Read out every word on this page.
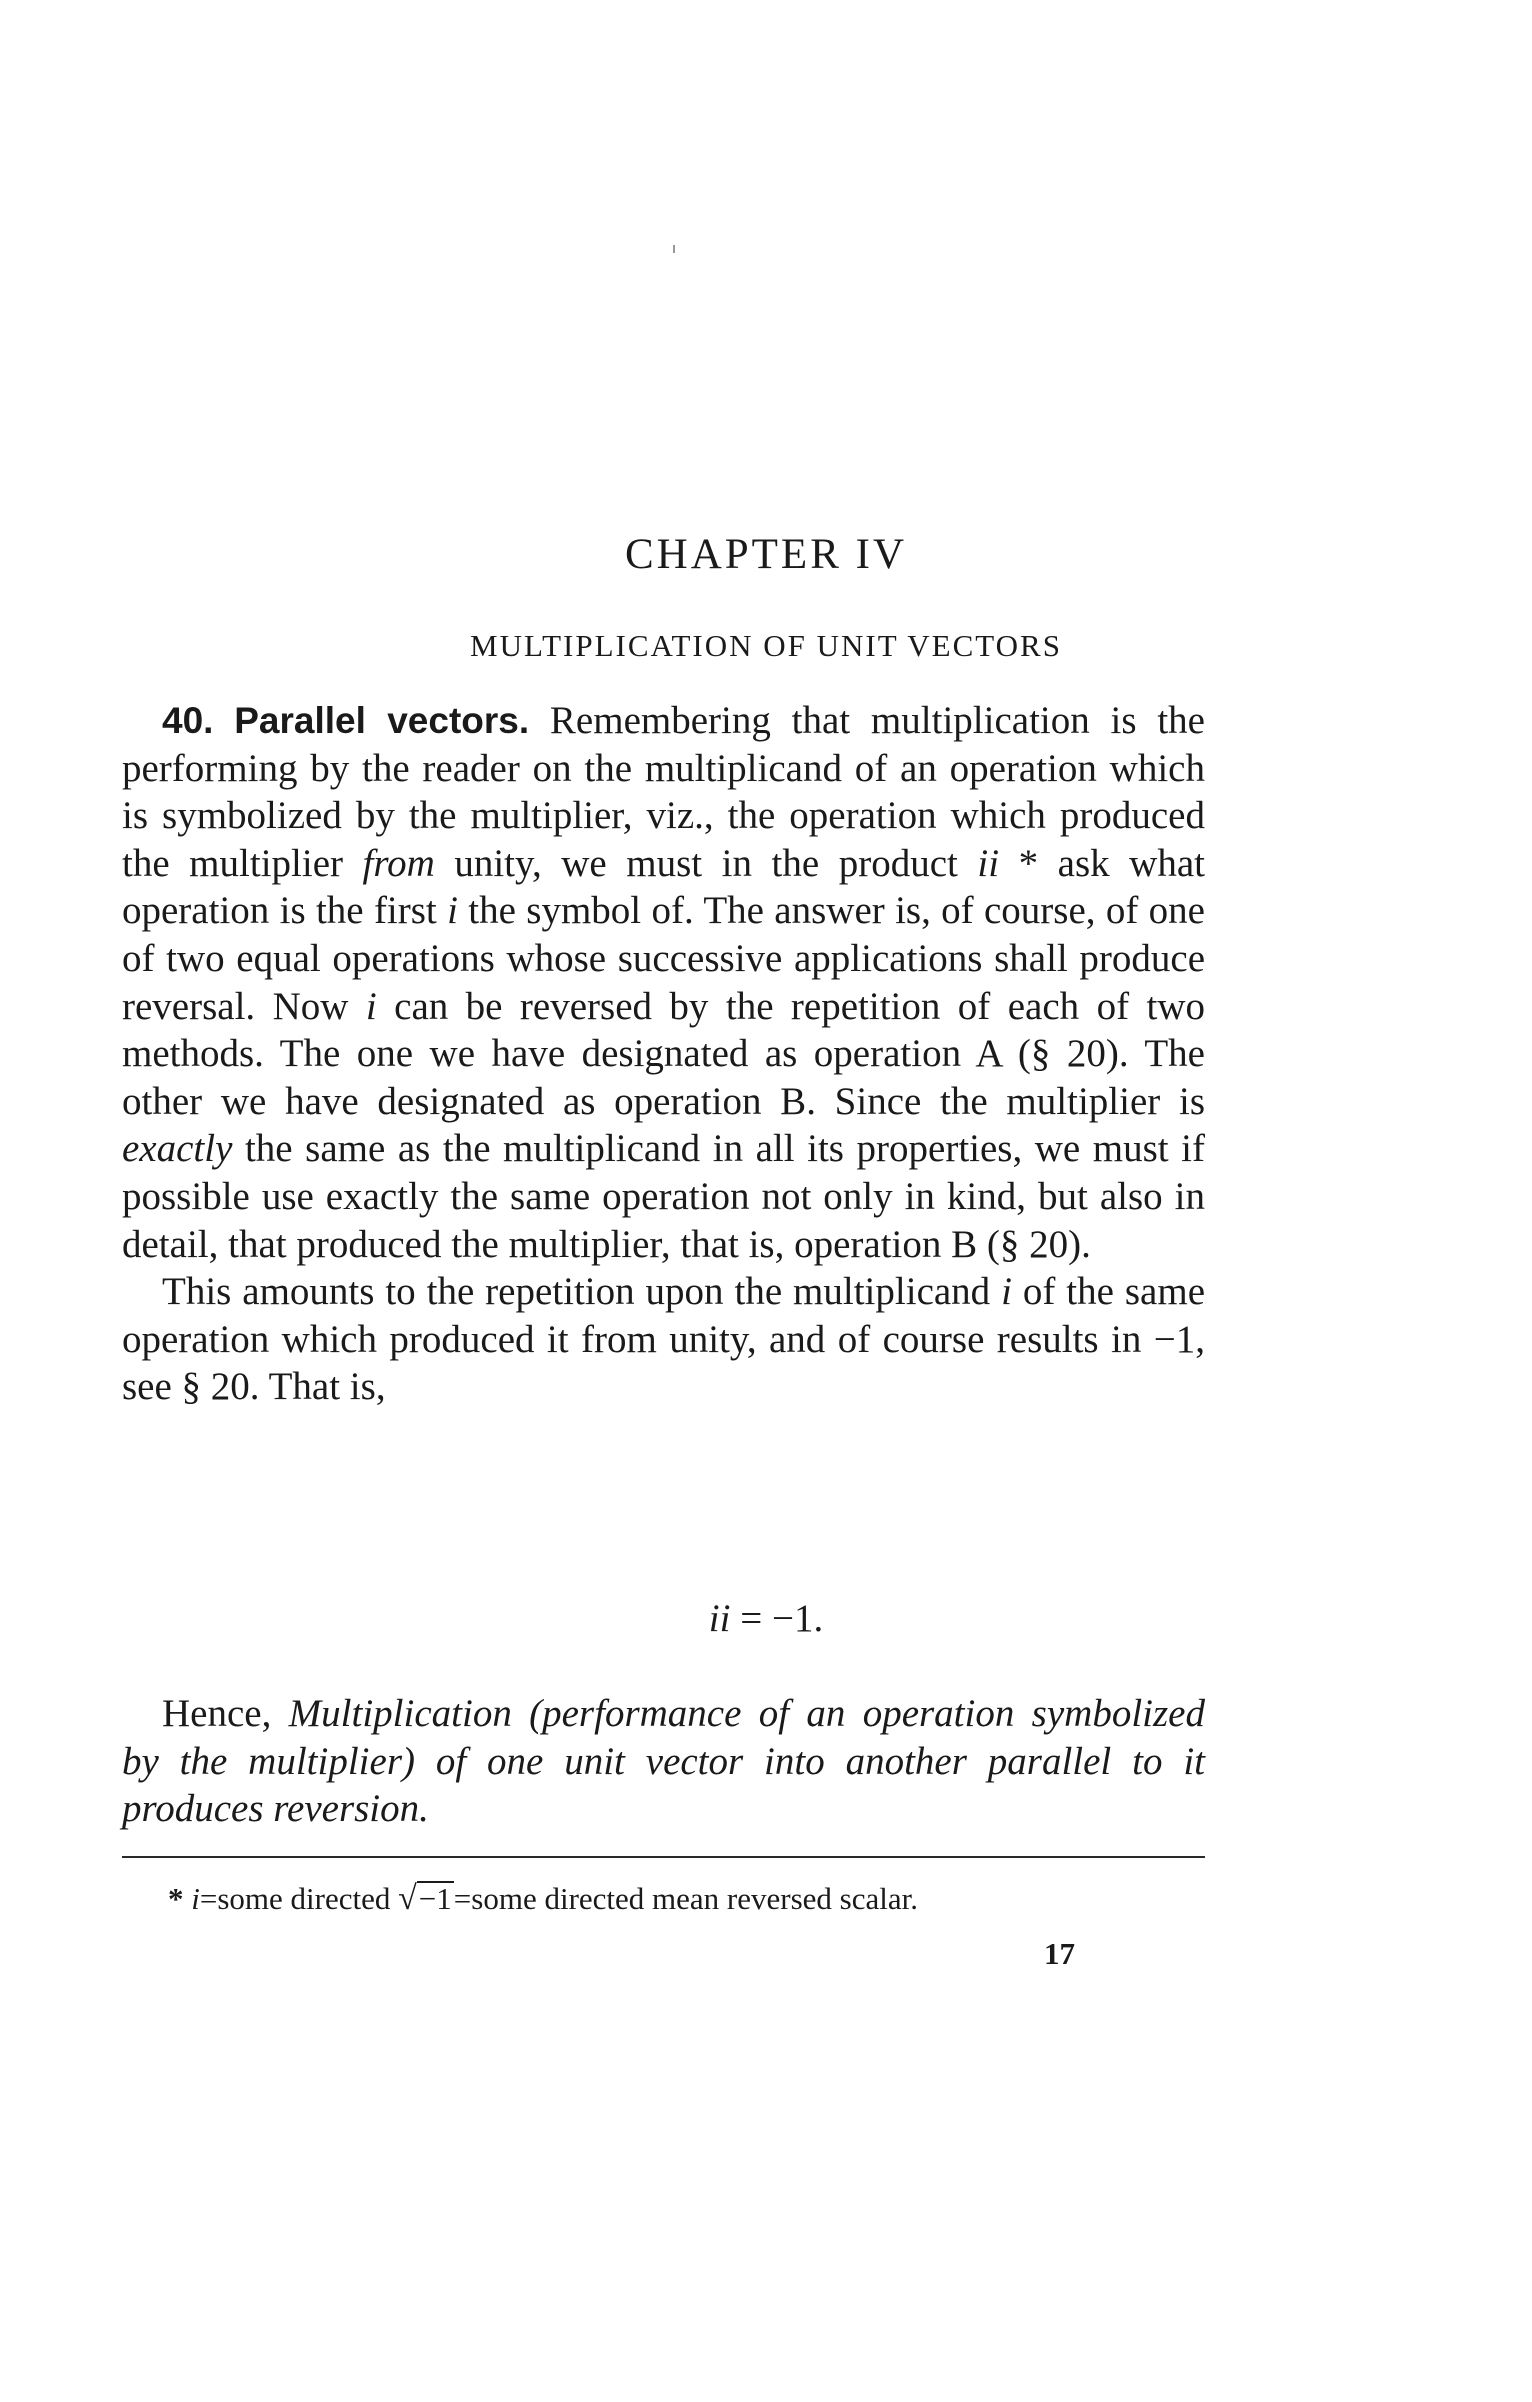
CHAPTER IV
MULTIPLICATION OF UNIT VECTORS

40. Parallel vectors. Remembering that multiplication is the performing by the reader on the multiplicand of an operation which is symbolized by the multiplier, viz., the operation which produced the multiplier from unity, we must in the product ii * ask what operation is the first i the symbol of. The answer is, of course, of one of two equal operations whose successive applications shall produce reversal. Now i can be reversed by the repetition of each of two methods. The one we have designated as operation A (§ 20). The other we have designated as operation B. Since the multiplier is exactly the same as the multiplicand in all its properties, we must if possible use exactly the same operation not only in kind, but also in detail, that produced the multiplier, that is, operation B (§ 20).

This amounts to the repetition upon the multiplicand i of the same operation which produced it from unity, and of course results in −1, see § 20. That is,

ii = −1.

Hence, Multiplication (performance of an operation symbolized by the multiplier) of one unit vector into another parallel to it produces reversion.

* i=some directed √−1=some directed mean reversed scalar.

17
